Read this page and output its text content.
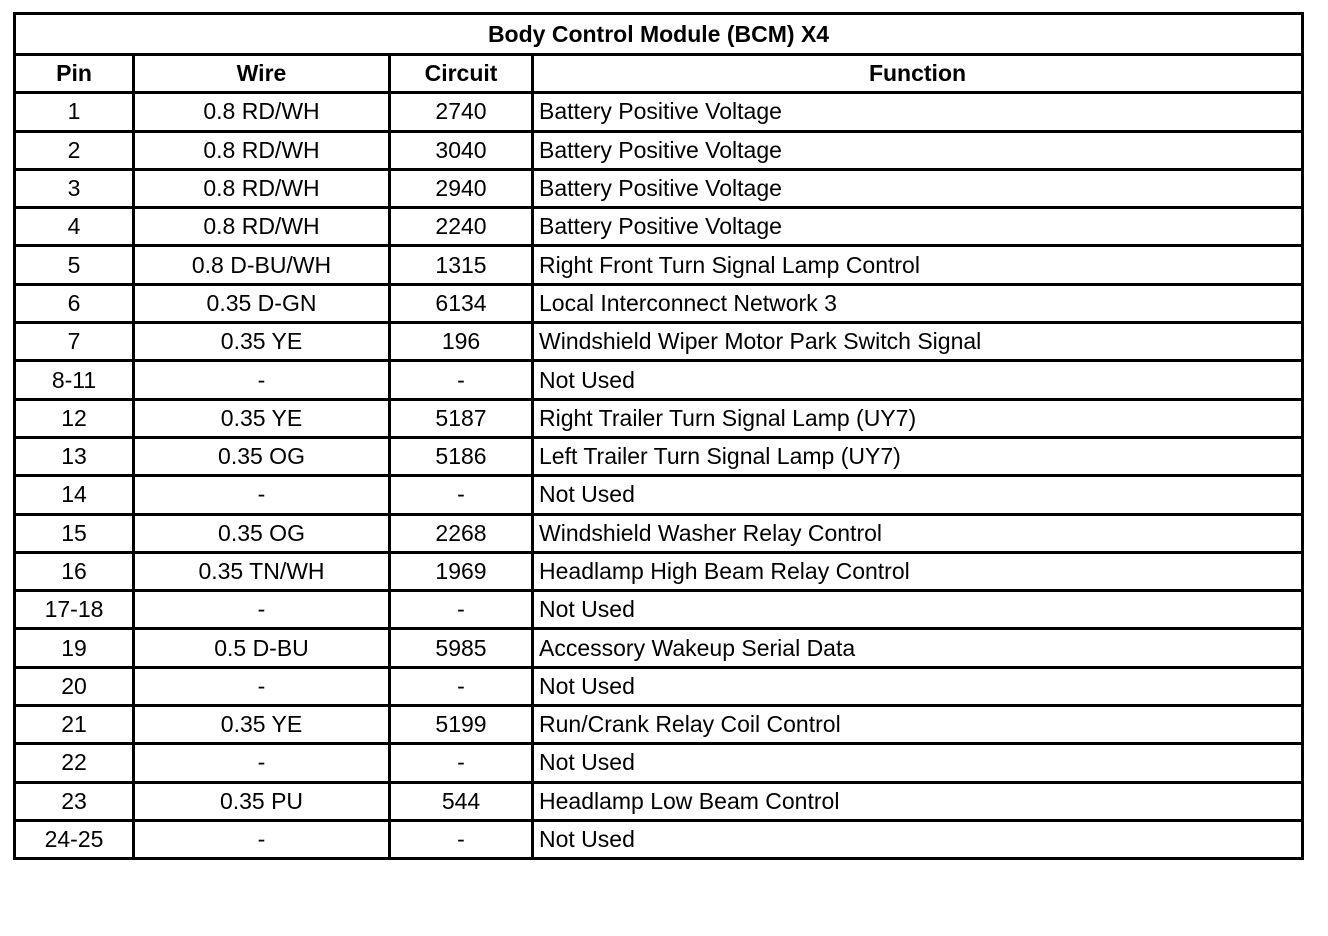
Body Control Module (BCM) X4			
Pin	Wire	Circuit	Function
1	0.8 RD/WH	2740	Battery Positive Voltage
2	0.8 RD/WH	3040	Battery Positive Voltage
3	0.8 RD/WH	2940	Battery Positive Voltage
4	0.8 RD/WH	2240	Battery Positive Voltage
5	0.8 D-BU/WH	1315	Right Front Turn Signal Lamp Control
6	0.35 D-GN	6134	Local Interconnect Network 3
7	0.35 YE	196	Windshield Wiper Motor Park Switch Signal
8-11	-	-	Not Used
12	0.35 YE	5187	Right Trailer Turn Signal Lamp (UY7)
13	0.35 OG	5186	Left Trailer Turn Signal Lamp (UY7)
14	-	-	Not Used
15	0.35 OG	2268	Windshield Washer Relay Control
16	0.35 TN/WH	1969	Headlamp High Beam Relay Control
17-18	-	-	Not Used
19	0.5 D-BU	5985	Accessory Wakeup Serial Data
20	-	-	Not Used
21	0.35 YE	5199	Run/Crank Relay Coil Control
22	-	-	Not Used
23	0.35 PU	544	Headlamp Low Beam Control
24-25	-	-	Not Used
